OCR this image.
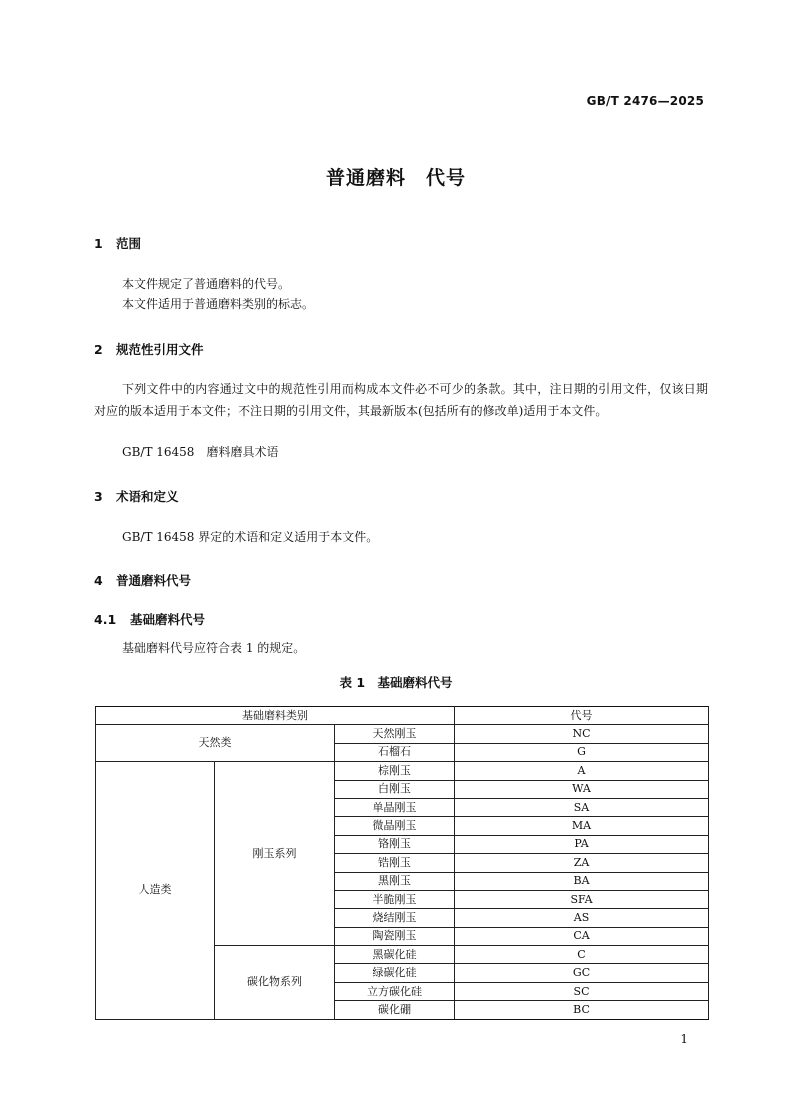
GB/T 2476—2025
普通磨料　代号
1 范围
本文件规定了普通磨料的代号。
本文件适用于普通磨料类别的标志。
2 规范性引用文件
下列文件中的内容通过文中的规范性引用而构成本文件必不可少的条款。其中，注日期的引用文件，仅该日期对应的版本适用于本文件；不注日期的引用文件，其最新版本(包括所有的修改单)适用于本文件。
GB/T 16458　磨料磨具术语
3 术语和定义
GB/T 16458 界定的术语和定义适用于本文件。
4 普通磨料代号
4.1 基础磨料代号
基础磨料代号应符合表 1 的规定。
表 1　基础磨料代号
基础磨料类别			代号
天然类		天然刚玉	NC
		石榴石	G
人造类	刚玉系列	棕刚玉	A
		白刚玉	WA
		单晶刚玉	SA
		微晶刚玉	MA
		铬刚玉	PA
		锆刚玉	ZA
		黑刚玉	BA
		半脆刚玉	SFA
		烧结刚玉	AS
		陶瓷刚玉	CA
	碳化物系列	黑碳化硅	C
		绿碳化硅	GC
		立方碳化硅	SC
		碳化硼	BC
1
